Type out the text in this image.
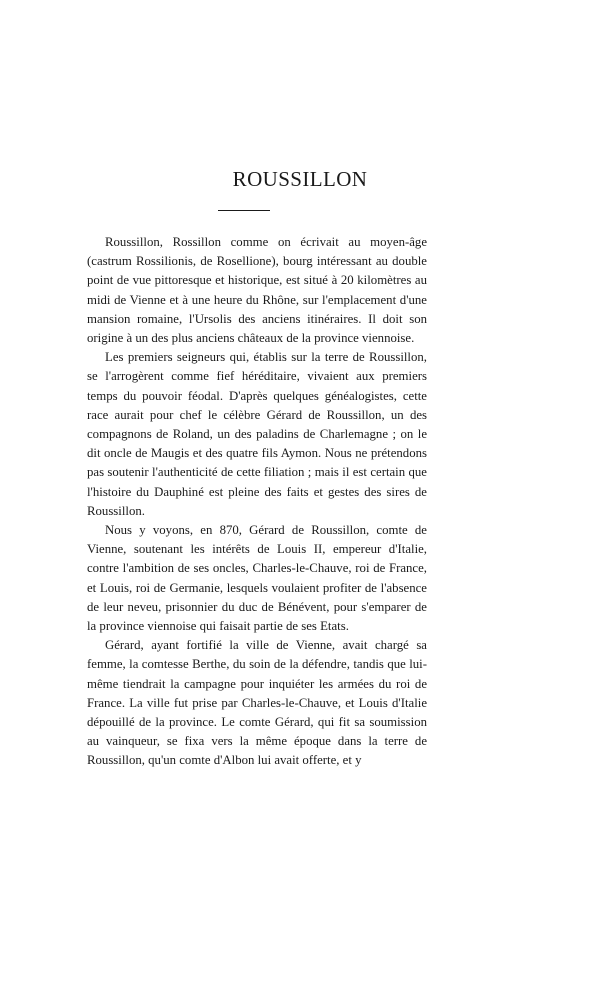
ROUSSILLON

Roussillon, Rossillon comme on écrivait au moyen-âge (castrum Rossilionis, de Rosellione), bourg intéressant au double point de vue pittoresque et historique, est situé à 20 kilomètres au midi de Vienne et à une heure du Rhône, sur l'emplacement d'une mansion romaine, l'Ursolis des anciens itinéraires. Il doit son origine à un des plus anciens châteaux de la province viennoise.

Les premiers seigneurs qui, établis sur la terre de Roussillon, se l'arrogèrent comme fief héréditaire, vivaient aux premiers temps du pouvoir féodal. D'après quelques généalogistes, cette race aurait pour chef le célèbre Gérard de Roussillon, un des compagnons de Roland, un des paladins de Charlemagne ; on le dit oncle de Maugis et des quatre fils Aymon. Nous ne prétendons pas soutenir l'authenticité de cette filiation ; mais il est certain que l'histoire du Dauphiné est pleine des faits et gestes des sires de Roussillon.

Nous y voyons, en 870, Gérard de Roussillon, comte de Vienne, soutenant les intérêts de Louis II, empereur d'Italie, contre l'ambition de ses oncles, Charles-le-Chauve, roi de France, et Louis, roi de Germanie, lesquels voulaient profiter de l'absence de leur neveu, prisonnier du duc de Bénévent, pour s'emparer de la province viennoise qui faisait partie de ses Etats.

Gérard, ayant fortifié la ville de Vienne, avait chargé sa femme, la comtesse Berthe, du soin de la défendre, tandis que lui-même tiendrait la campagne pour inquiéter les armées du roi de France. La ville fut prise par Charles-le-Chauve, et Louis d'Italie dépouillé de la province. Le comte Gérard, qui fit sa soumission au vainqueur, se fixa vers la même époque dans la terre de Roussillon, qu'un comte d'Albon lui avait offerte, et y
